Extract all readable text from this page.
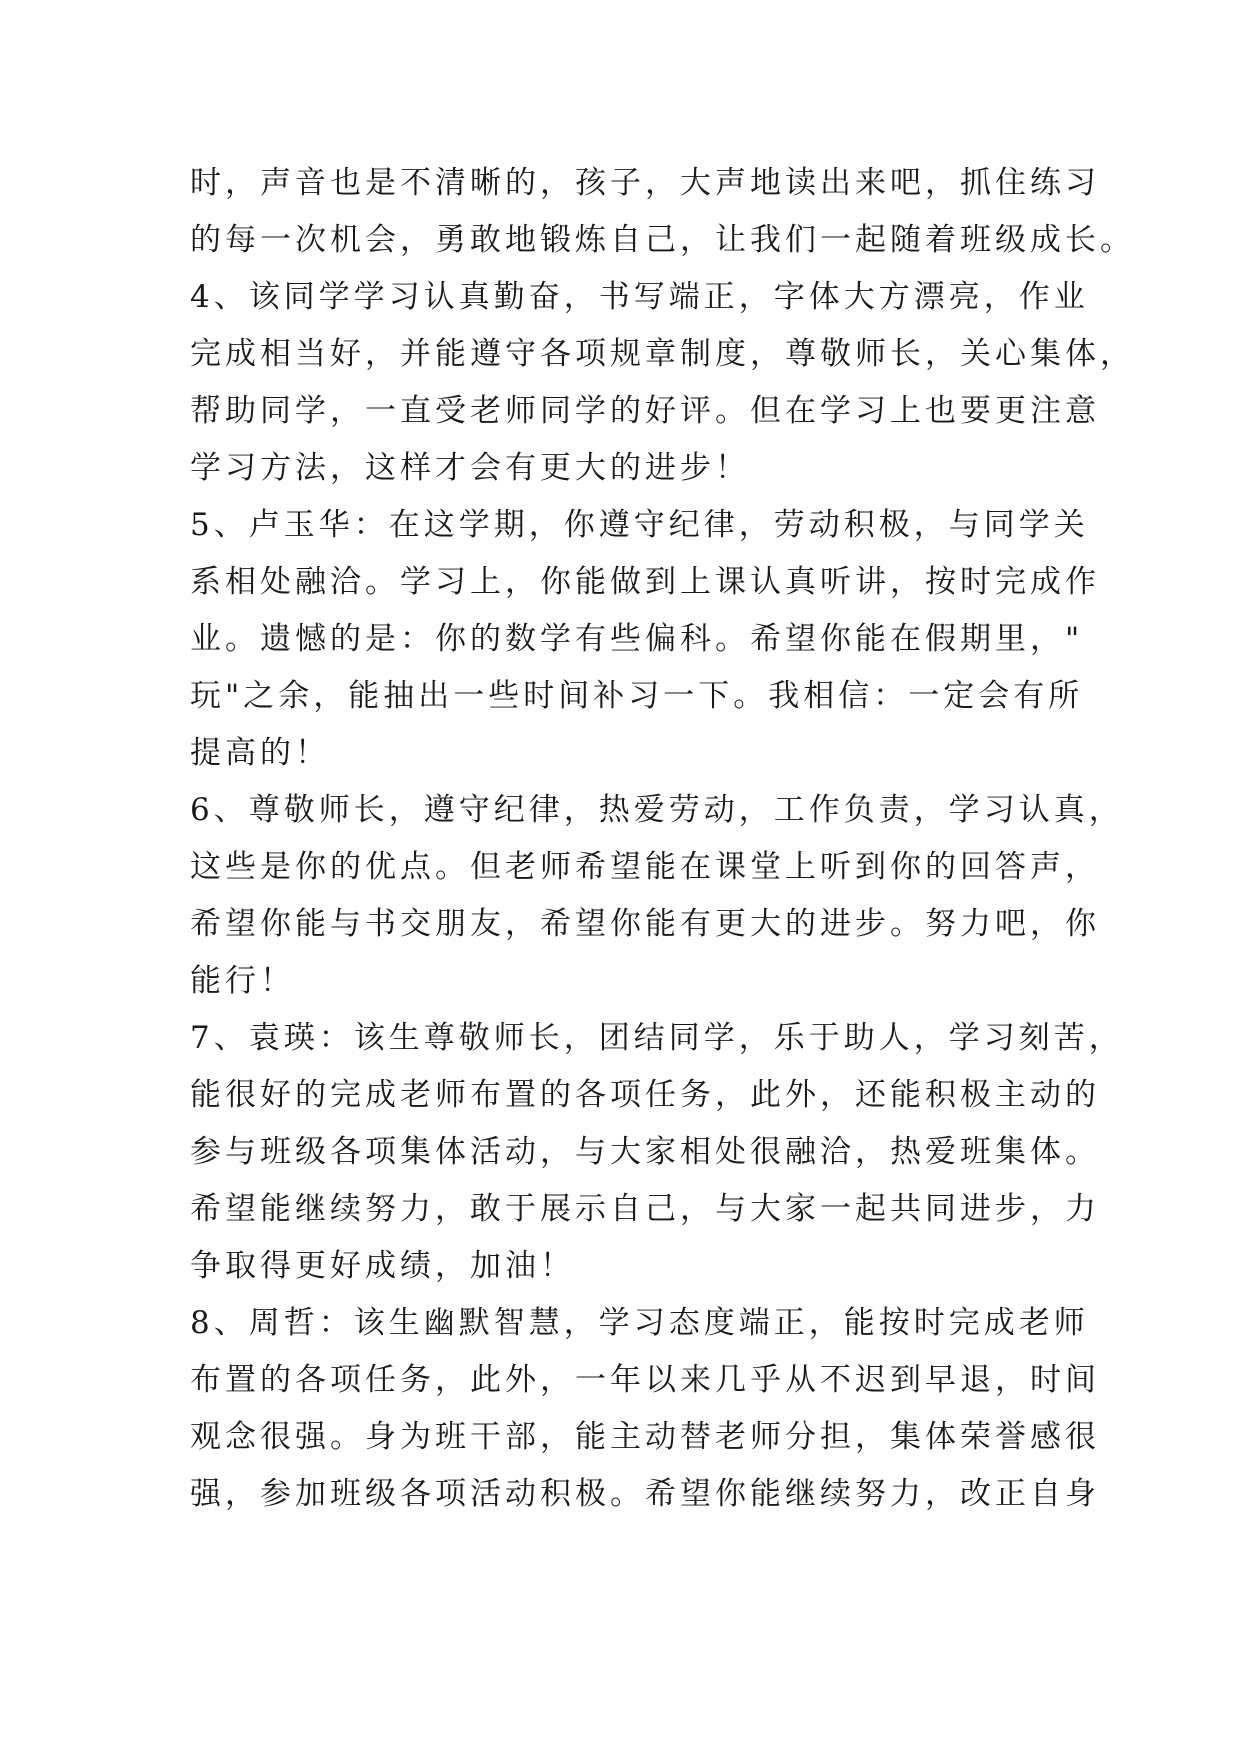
时，声音也是不清晰的，孩子，大声地读出来吧，抓住练习
的每一次机会，勇敢地锻炼自己，让我们一起随着班级成长。
4、该同学学习认真勤奋，书写端正，字体大方漂亮，作业
完成相当好，并能遵守各项规章制度，尊敬师长，关心集体，
帮助同学，一直受老师同学的好评。但在学习上也要更注意
学习方法，这样才会有更大的进步！
5、卢玉华：在这学期，你遵守纪律，劳动积极，与同学关
系相处融洽。学习上，你能做到上课认真听讲，按时完成作
业。遗憾的是：你的数学有些偏科。希望你能在假期里，"
玩"之余，能抽出一些时间补习一下。我相信：一定会有所
提高的！
6、尊敬师长，遵守纪律，热爱劳动，工作负责，学习认真，
这些是你的优点。但老师希望能在课堂上听到你的回答声，
希望你能与书交朋友，希望你能有更大的进步。努力吧，你
能行！
7、袁瑛：该生尊敬师长，团结同学，乐于助人，学习刻苦，
能很好的完成老师布置的各项任务，此外，还能积极主动的
参与班级各项集体活动，与大家相处很融洽，热爱班集体。
希望能继续努力，敢于展示自己，与大家一起共同进步，力
争取得更好成绩，加油！
8、周哲：该生幽默智慧，学习态度端正，能按时完成老师
布置的各项任务，此外，一年以来几乎从不迟到早退，时间
观念很强。身为班干部，能主动替老师分担，集体荣誉感很
强，参加班级各项活动积极。希望你能继续努力，改正自身
